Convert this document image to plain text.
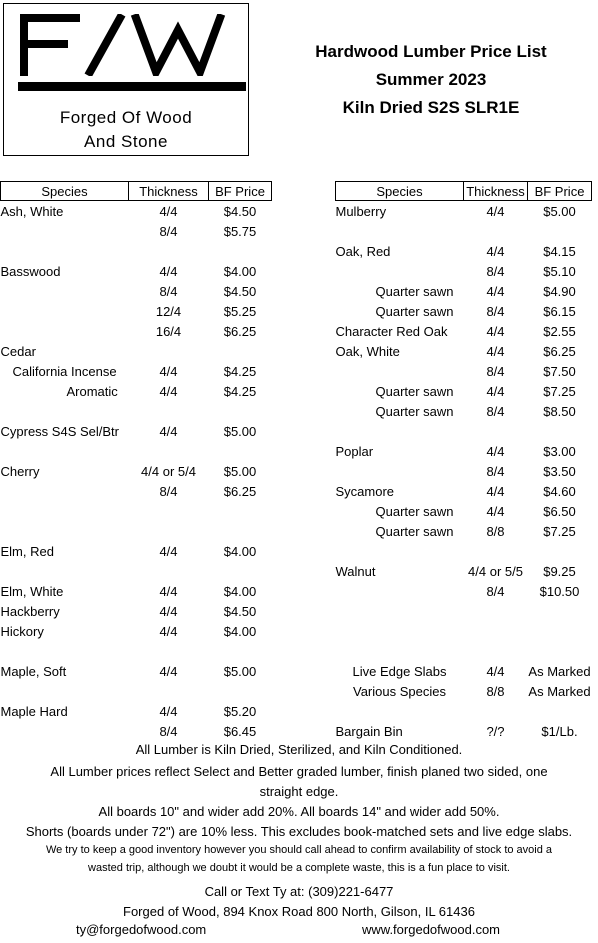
Forged Of Wood
And Stone
Hardwood Lumber Price List
Summer 2023
Kiln Dried S2S SLR1E
Species	Thickness	BF Price
Ash, White	4/4	$4.50
	8/4	$5.75

Basswood	4/4	$4.00
	8/4	$4.50
	12/4	$5.25
	16/4	$6.25
Cedar		
California Incense	4/4	$4.25
Aromatic	4/4	$4.25

Cypress S4S Sel/Btr	4/4	$5.00

Cherry	4/4 or 5/4	$5.00
	8/4	$6.25

Elm, Red	4/4	$4.00

Elm, White	4/4	$4.00
Hackberry	4/4	$4.50
Hickory	4/4	$4.00

Maple, Soft	4/4	$5.00

Maple Hard	4/4	$5.20
	8/4	$6.45
Species	Thickness	BF Price
Mulberry	4/4	$5.00

Oak, Red	4/4	$4.15
	8/4	$5.10
Quarter sawn	4/4	$4.90
Quarter sawn	8/4	$6.15
Character Red Oak	4/4	$2.55
Oak, White	4/4	$6.25
	8/4	$7.50
Quarter sawn	4/4	$7.25
Quarter sawn	8/4	$8.50

Poplar	4/4	$3.00
	8/4	$3.50
Sycamore	4/4	$4.60
Quarter sawn	4/4	$6.50
Quarter sawn	8/8	$7.25

Walnut	4/4 or 5/5	$9.25
	8/4	$10.50

Live Edge Slabs	4/4	As Marked
Various Species	8/8	As Marked

Bargain Bin	?/?	$1/Lb.
All Lumber is Kiln Dried, Sterilized, and Kiln Conditioned.
All Lumber prices reflect Select and Better graded lumber, finish planed two sided, one
straight edge.
All boards 10" and wider add 20%. All boards 14" and wider add 50%.
Shorts (boards under 72") are 10% less. This excludes book-matched sets and live edge slabs.
We try to keep a good inventory however you should call ahead to confirm availability of stock to avoid a
wasted trip, although we doubt it would be a complete waste, this is a fun place to visit.
Call or Text Ty at: (309)221-6477
Forged of Wood, 894 Knox Road 800 North, Gilson, IL 61436
ty@forgedofwood.com	www.forgedofwood.com
